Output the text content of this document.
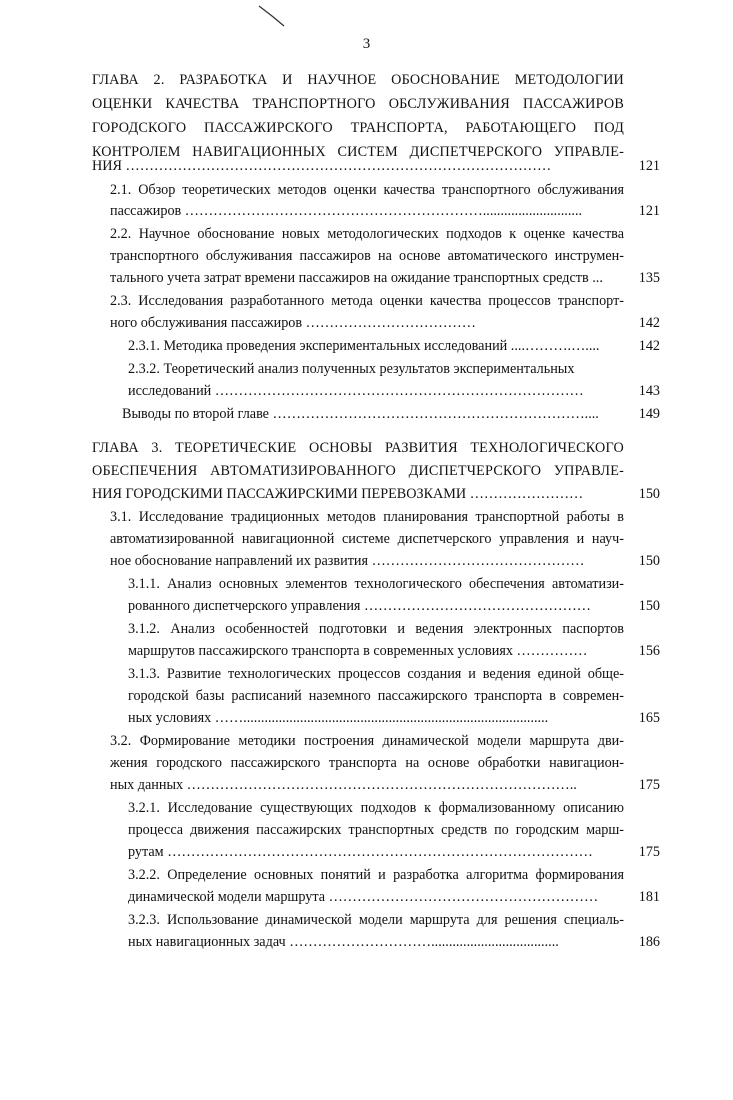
3
ГЛАВА 2. РАЗРАБОТКА И НАУЧНОЕ ОБОСНОВАНИЕ МЕТОДОЛОГИИ
ОЦЕНКИ КАЧЕСТВА ТРАНСПОРТНОГО ОБСЛУЖИВАНИЯ ПАССАЖИРОВ
ГОРОДСКОГО ПАССАЖИРСКОГО ТРАНСПОРТА, РАБОТАЮЩЕГО ПОД
КОНТРОЛЕМ НАВИГАЦИОННЫХ СИСТЕМ ДИСПЕТЧЕРСКОГО УПРАВЛЕ-
НИЯ ………………………………………………………………………………	121
2.1. Обзор теоретических методов оценки качества транспортного обслуживания
пассажиров ………………………………………………………............................	121
2.2. Научное обоснование новых методологических подходов к оценке качества
транспортного обслуживания пассажиров на основе автоматического инструмен-
тального учета затрат времени пассажиров на ожидание транспортных средств ...	135
2.3. Исследования разработанного метода оценки качества процессов транспорт-
ного обслуживания пассажиров ………………………………	142
2.3.1. Методика проведения экспериментальных исследований ....……….…....	142
2.3.2. Теоретический анализ полученных результатов экспериментальных
исследований ……………………………………………………………………	143
Выводы по второй главе …………………………………………………………....	149
ГЛАВА 3. ТЕОРЕТИЧЕСКИЕ ОСНОВЫ РАЗВИТИЯ ТЕХНОЛОГИЧЕСКОГО
ОБЕСПЕЧЕНИЯ АВТОМАТИЗИРОВАННОГО ДИСПЕТЧЕРСКОГО УПРАВЛЕ-
НИЯ ГОРОДСКИМИ ПАССАЖИРСКИМИ ПЕРЕВОЗКАМИ ……………………	150
3.1. Исследование традиционных методов планирования транспортной работы в
автоматизированной навигационной системе диспетчерского управления и науч-
ное обоснование направлений их развития ………………………………………	150
3.1.1. Анализ основных элементов технологического обеспечения автоматизи-
рованного диспетчерского управления …………………………………………	150
3.1.2. Анализ особенностей подготовки и ведения электронных паспортов
маршрутов пассажирского транспорта в современных условиях ……………	156
3.1.3. Развитие технологических процессов создания и ведения единой обще-
городской базы расписаний наземного пассажирского транспорта в современ-
ных условиях ……......................................................................................	165
3.2. Формирование методики построения динамической модели маршрута дви-
жения городского пассажирского транспорта на основе обработки навигацион-
ных данных ………………………………………………………………………..	175
3.2.1. Исследование существующих подходов к формализованному описанию
процесса движения пассажирских транспортных средств по городским марш-
рутам ………………………………………………………………………………	175
3.2.2. Определение основных понятий и разработка алгоритма формирования
динамической модели маршрута …………………………………………………	181
3.2.3. Использование динамической модели маршрута для решения специаль-
ных навигационных задач …………………………....................................	186
